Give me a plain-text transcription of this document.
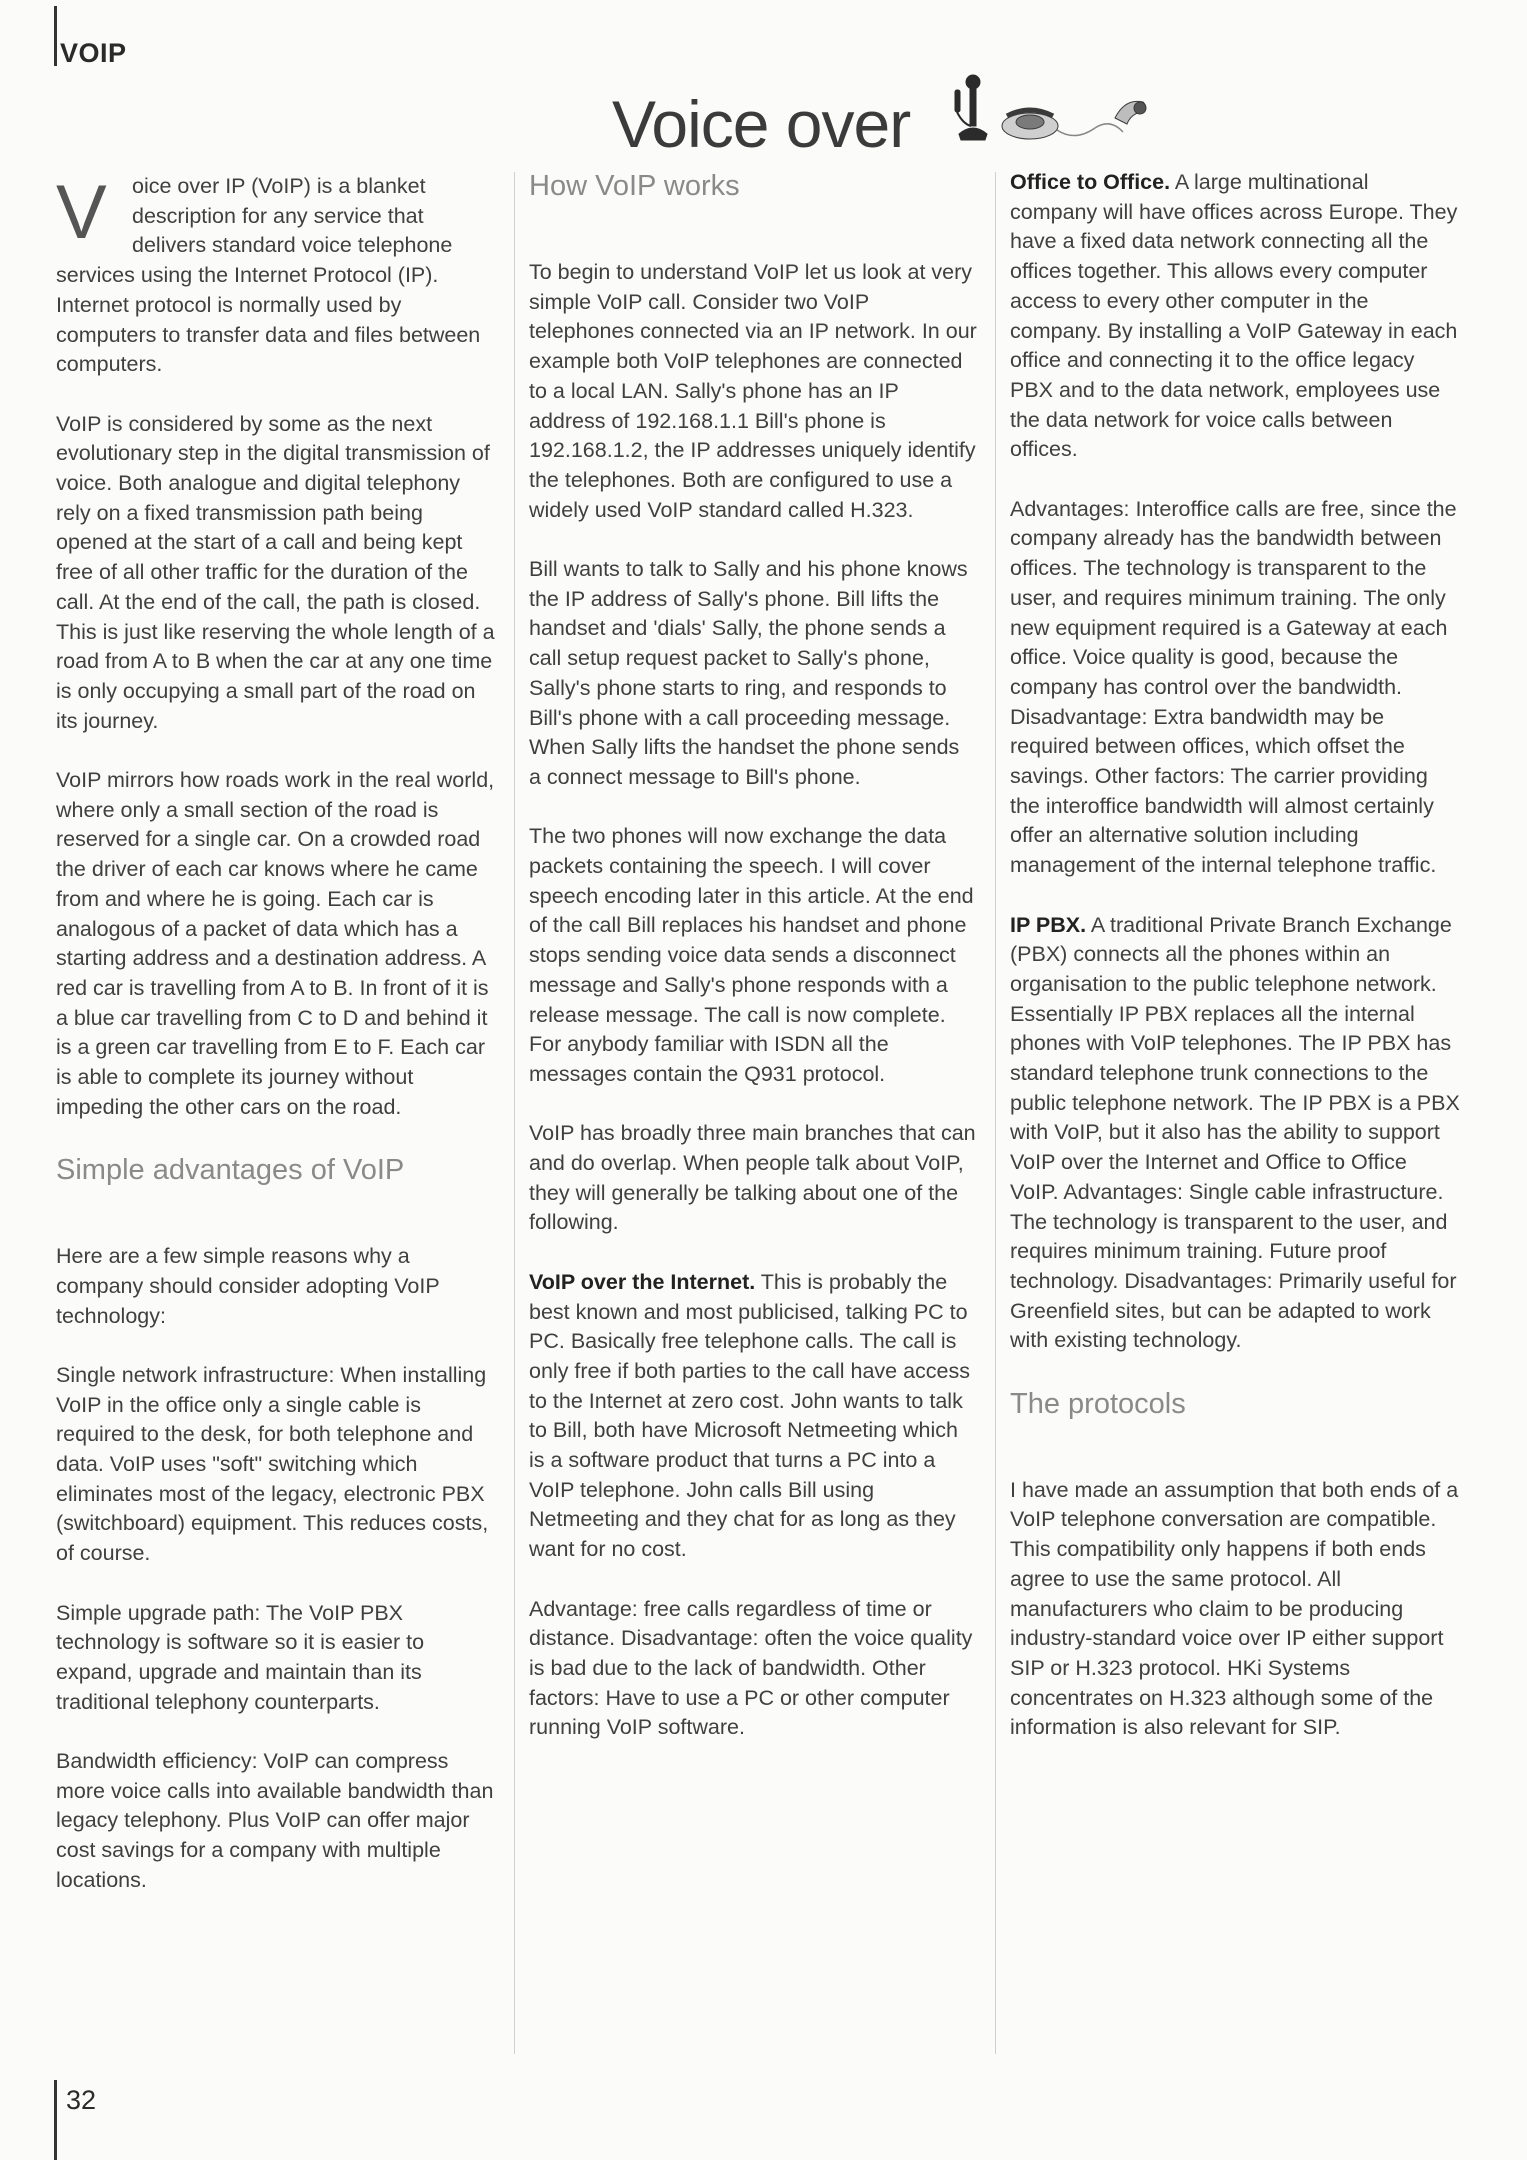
VOIP
Voice over

V	oice over IP (VoIP) is a blanket
description for any service that
delivers standard voice telephone
services using the Internet Protocol (IP). Internet protocol is normally used by computers to transfer data and files between computers.

VoIP is considered by some as the next evolutionary step in the digital transmission of voice. Both analogue and digital telephony rely on a fixed transmission path being opened at the start of a call and being kept free of all other traffic for the duration of the call. At the end of the call, the path is closed. This is just like reserving the whole length of a road from A to B when the car at any one time is only occupying a small part of the road on its journey.

VoIP mirrors how roads work in the real world, where only a small section of the road is reserved for a single car. On a crowded road the driver of each car knows where he came from and where he is going. Each car is analogous of a packet of data which has a starting address and a destination address. A red car is travelling from A to B. In front of it is a blue car travelling from C to D and behind it is a green car travelling from E to F. Each car is able to complete its journey without impeding the other cars on the road.

Simple advantages of VoIP

Here are a few simple reasons why a company should consider adopting VoIP technology:

Single network infrastructure: When installing VoIP in the office only a single cable is required to the desk, for both telephone and data. VoIP uses "soft" switching which eliminates most of the legacy, electronic PBX (switchboard) equipment. This reduces costs, of course.

Simple upgrade path: The VoIP PBX technology is software so it is easier to expand, upgrade and maintain than its traditional telephony counterparts.

Bandwidth efficiency: VoIP can compress more voice calls into available bandwidth than legacy telephony. Plus VoIP can offer major cost savings for a company with multiple locations.

How VoIP works

To begin to understand VoIP let us look at very simple VoIP call. Consider two VoIP telephones connected via an IP network. In our example both VoIP telephones are connected to a local LAN. Sally's phone has an IP address of 192.168.1.1 Bill's phone is 192.168.1.2, the IP addresses uniquely identify the telephones. Both are configured to use a widely used VoIP standard called H.323.

Bill wants to talk to Sally and his phone knows the IP address of Sally's phone. Bill lifts the handset and 'dials' Sally, the phone sends a call setup request packet to Sally's phone, Sally's phone starts to ring, and responds to Bill's phone with a call proceeding message. When Sally lifts the handset the phone sends a connect message to Bill's phone.

The two phones will now exchange the data packets containing the speech. I will cover speech encoding later in this article. At the end of the call Bill replaces his handset and phone stops sending voice data sends a disconnect message and Sally's phone responds with a release message. The call is now complete. For anybody familiar with ISDN all the messages contain the Q931 protocol.

VoIP has broadly three main branches that can and do overlap. When people talk about VoIP, they will generally be talking about one of the following.

VoIP over the Internet. This is probably the best known and most publicised, talking PC to PC. Basically free telephone calls. The call is only free if both parties to the call have access to the Internet at zero cost. John wants to talk to Bill, both have Microsoft Netmeeting which is a software product that turns a PC into a VoIP telephone. John calls Bill using Netmeeting and they chat for as long as they want for no cost.

Advantage: free calls regardless of time or distance. Disadvantage: often the voice quality is bad due to the lack of bandwidth. Other factors: Have to use a PC or other computer running VoIP software.

Office to Office. A large multinational company will have offices across Europe. They have a fixed data network connecting all the offices together. This allows every computer access to every other computer in the company. By installing a VoIP Gateway in each office and connecting it to the office legacy PBX and to the data network, employees use the data network for voice calls between offices.

Advantages: Interoffice calls are free, since the company already has the bandwidth between offices. The technology is transparent to the user, and requires minimum training. The only new equipment required is a Gateway at each office. Voice quality is good, because the company has control over the bandwidth. Disadvantage: Extra bandwidth may be required between offices, which offset the savings. Other factors: The carrier providing the interoffice bandwidth will almost certainly offer an alternative solution including management of the internal telephone traffic.

IP PBX. A traditional Private Branch Exchange (PBX) connects all the phones within an organisation to the public telephone network. Essentially IP PBX replaces all the internal phones with VoIP telephones. The IP PBX has standard telephone trunk connections to the public telephone network. The IP PBX is a PBX with VoIP, but it also has the ability to support VoIP over the Internet and Office to Office VoIP. Advantages: Single cable infrastructure. The technology is transparent to the user, and requires minimum training. Future proof technology. Disadvantages: Primarily useful for Greenfield sites, but can be adapted to work with existing technology.

The protocols

I have made an assumption that both ends of a VoIP telephone conversation are compatible. This compatibility only happens if both ends agree to use the same protocol. All manufacturers who claim to be producing industry-standard voice over IP either support SIP or H.323 protocol. HKi Systems concentrates on H.323 although some of the information is also relevant for SIP.

32
